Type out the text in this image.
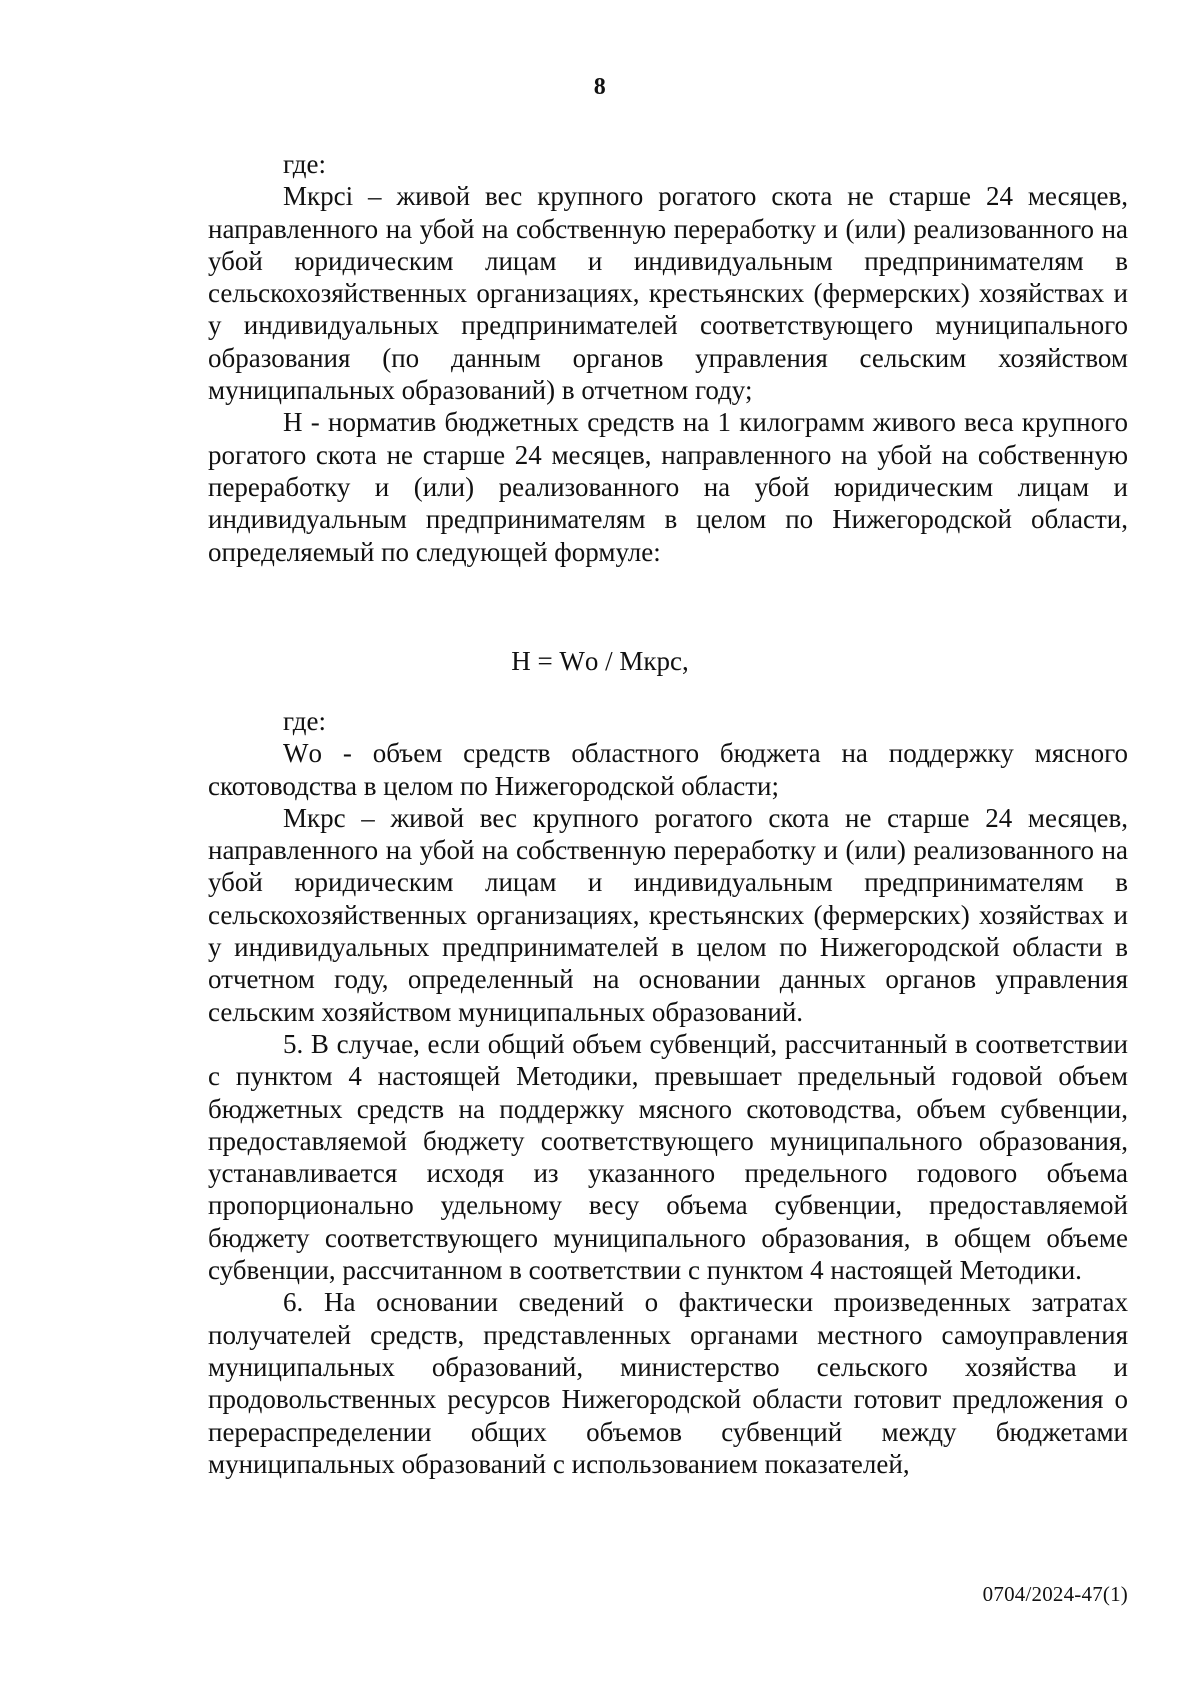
8

где:

Мкрсi – живой вес крупного рогатого скота не старше 24 месяцев, направленного на убой на собственную переработку и (или) реализованного на убой юридическим лицам и индивидуальным предпринимателям в сельскохозяйственных организациях, крестьянских (фермерских) хозяйствах и у индивидуальных предпринимателей соответствующего муниципального образования (по данным органов управления сельским хозяйством муниципальных образований) в отчетном году;

Н - норматив бюджетных средств на 1 килограмм живого веса крупного рогатого скота не старше 24 месяцев, направленного на убой на собственную переработку и (или) реализованного на убой юридическим лицам и индивидуальным предпринимателям в целом по Нижегородской области, определяемый по следующей формуле:

Н = Wо / Мкрс,

где:

Wо - объем средств областного бюджета на поддержку мясного скотоводства в целом по Нижегородской области;

Мкрс – живой вес крупного рогатого скота не старше 24 месяцев, направленного на убой на собственную переработку и (или) реализованного на убой юридическим лицам и индивидуальным предпринимателям в сельскохозяйственных организациях, крестьянских (фермерских) хозяйствах и у индивидуальных предпринимателей в целом по Нижегородской области в отчетном году, определенный на основании данных органов управления сельским хозяйством муниципальных образований.

5. В случае, если общий объем субвенций, рассчитанный в соответствии с пунктом 4 настоящей Методики, превышает предельный годовой объем бюджетных средств на поддержку мясного скотоводства, объем субвенции, предоставляемой бюджету соответствующего муниципального образования, устанавливается исходя из указанного предельного годового объема пропорционально удельному весу объема субвенции, предоставляемой бюджету соответствующего муниципального образования, в общем объеме субвенции, рассчитанном в соответствии с пунктом 4 настоящей Методики.

6. На основании сведений о фактически произведенных затратах получателей средств, представленных органами местного самоуправления муниципальных образований, министерство сельского хозяйства и продовольственных ресурсов Нижегородской области готовит предложения о перераспределении общих объемов субвенций между бюджетами муниципальных образований с использованием показателей,

0704/2024-47(1)
